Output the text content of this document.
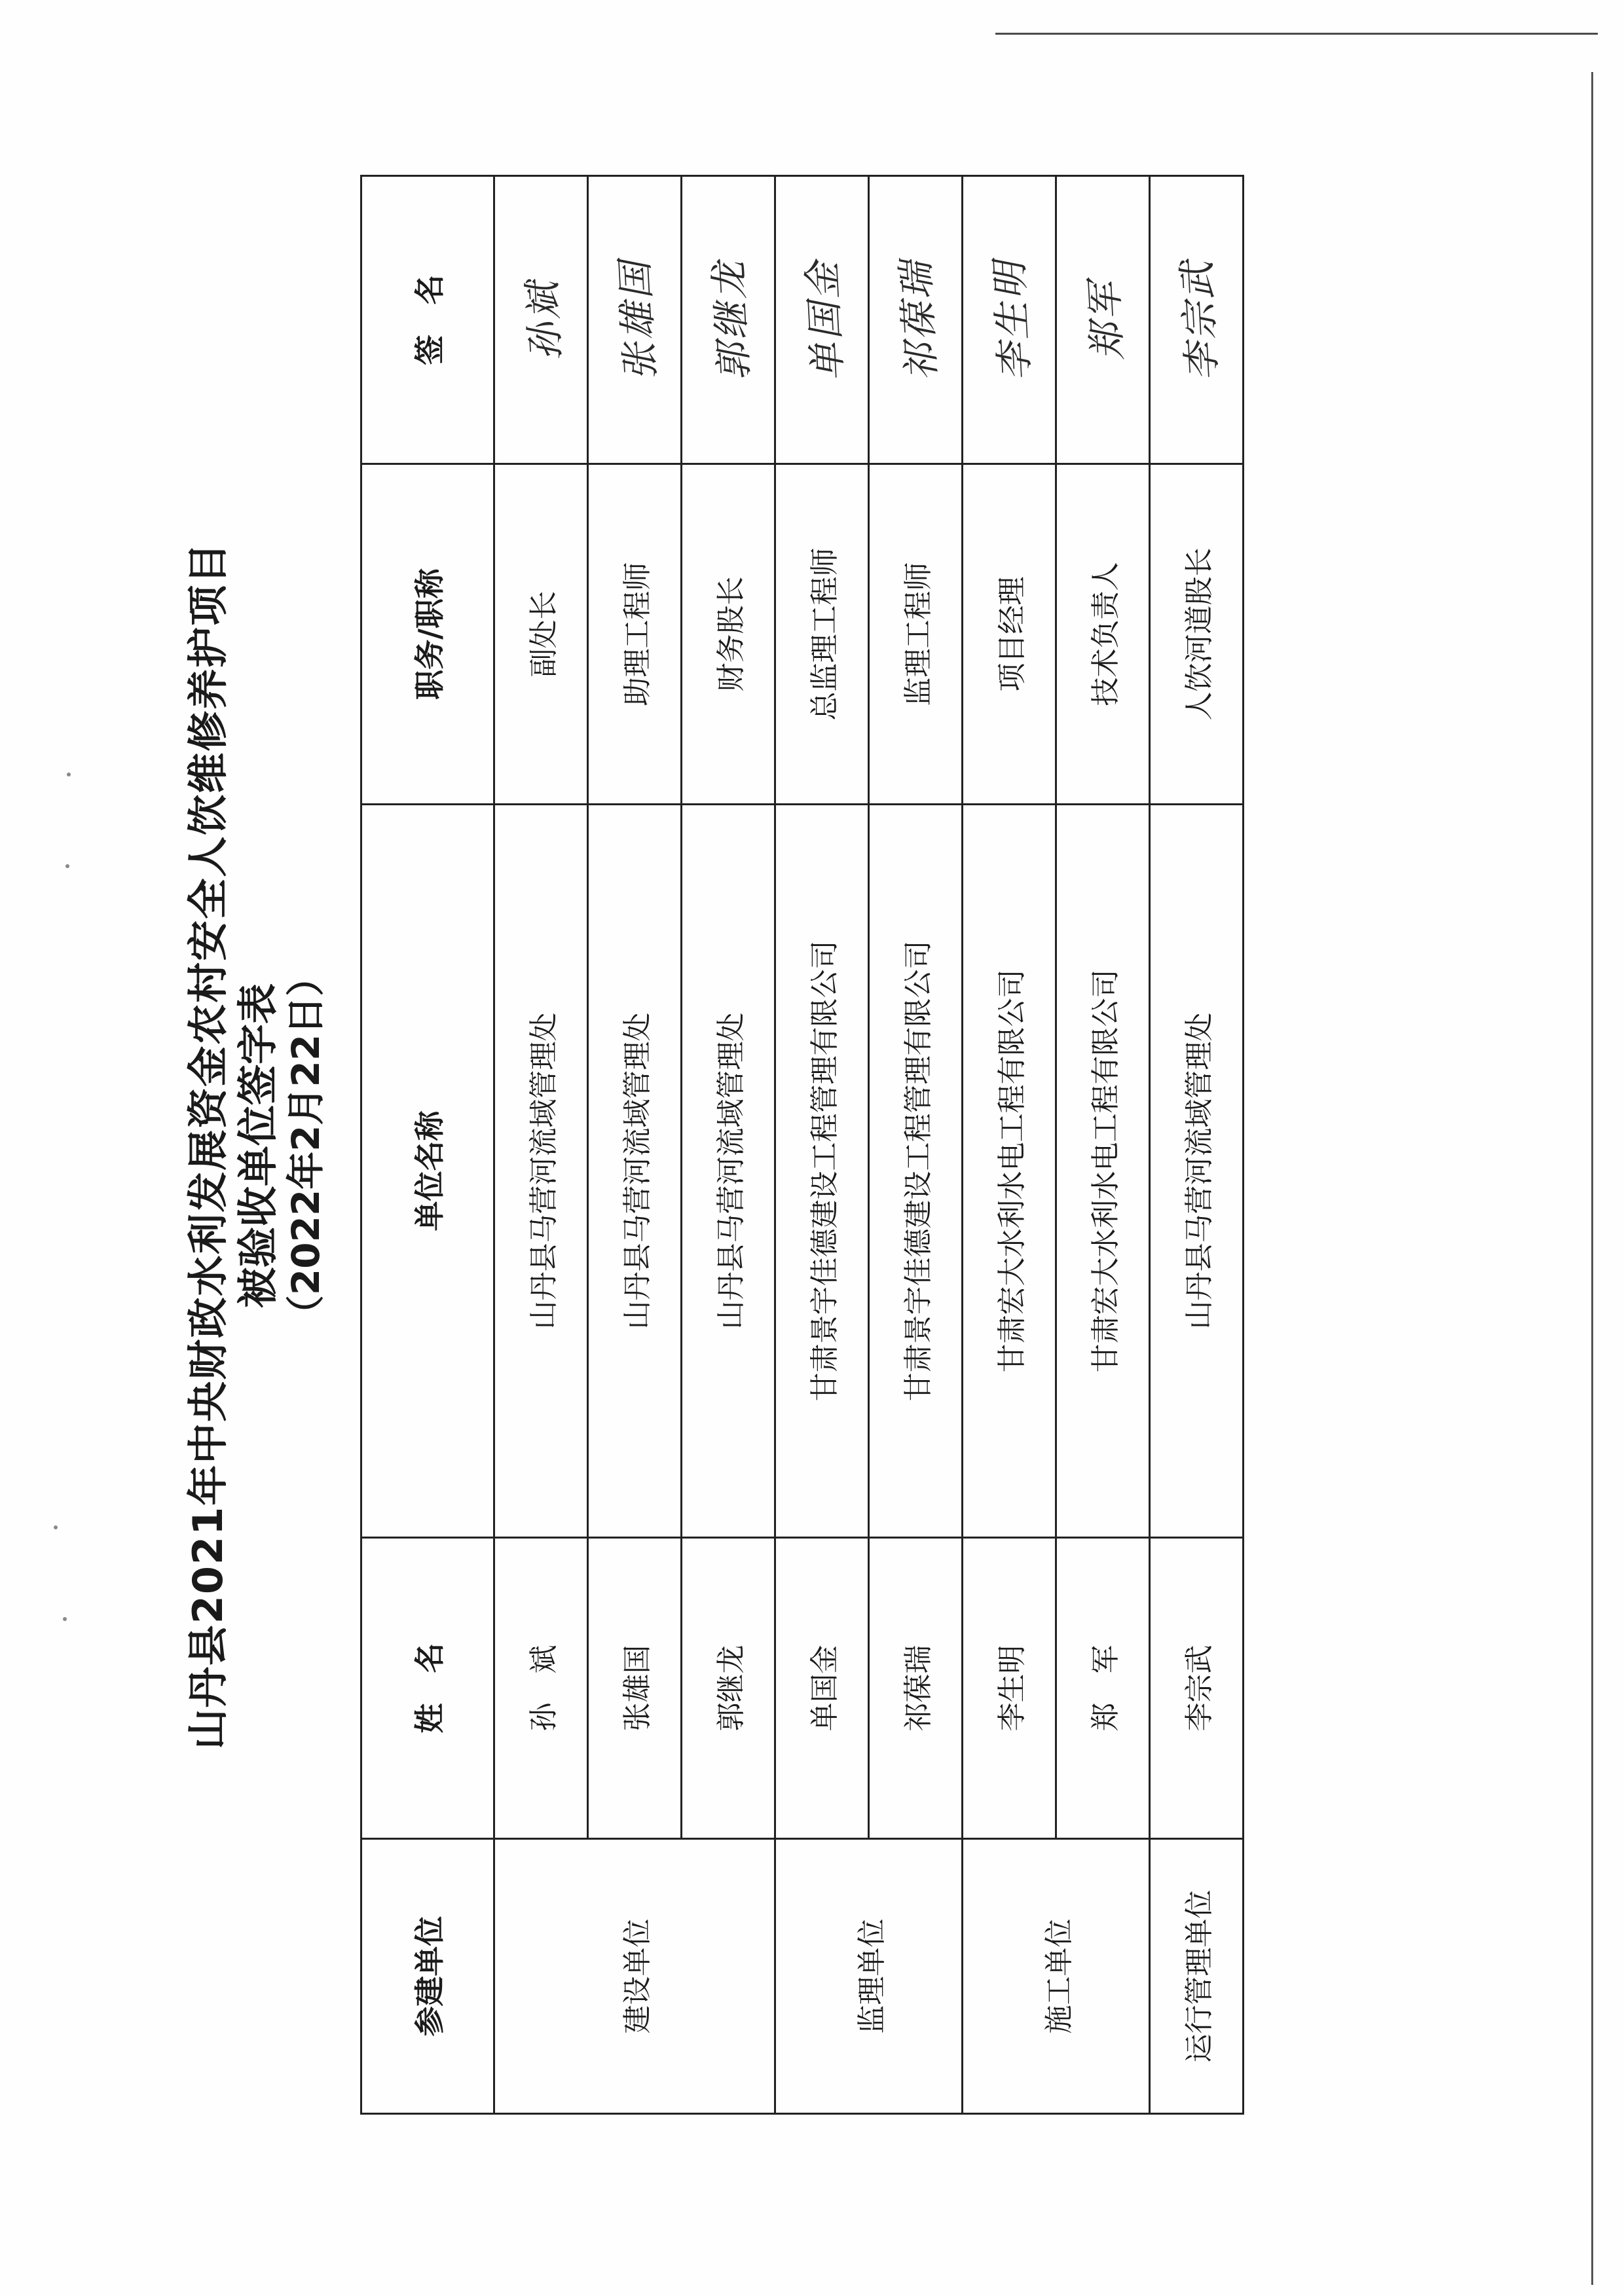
山丹县2021年中央财政水利发展资金农村安全人饮维修养护项目 被验收单位签字表 （2022年2月22日）
参建单位	姓　名	单位名称	职务/职称	签　名
建设单位	孙　斌	山丹县马营河流域管理处	副处长	孙斌
	张雄国	山丹县马营河流域管理处	助理工程师	张雄国
	郭继龙	山丹县马营河流域管理处	财务股长	郭继龙
监理单位	单国金	甘肃景宇佳德建设工程管理有限公司	总监理工程师	单国金
	祁葆瑞	甘肃景宇佳德建设工程管理有限公司	监理工程师	祁葆瑞
施工单位	李生明	甘肃宏大水利水电工程有限公司	项目经理	李生明
	郑　军	甘肃宏大水利水电工程有限公司	技术负责人	郑军
运行管理单位	李宗武	山丹县马营河流域管理处	人饮河道股长	李宗武
